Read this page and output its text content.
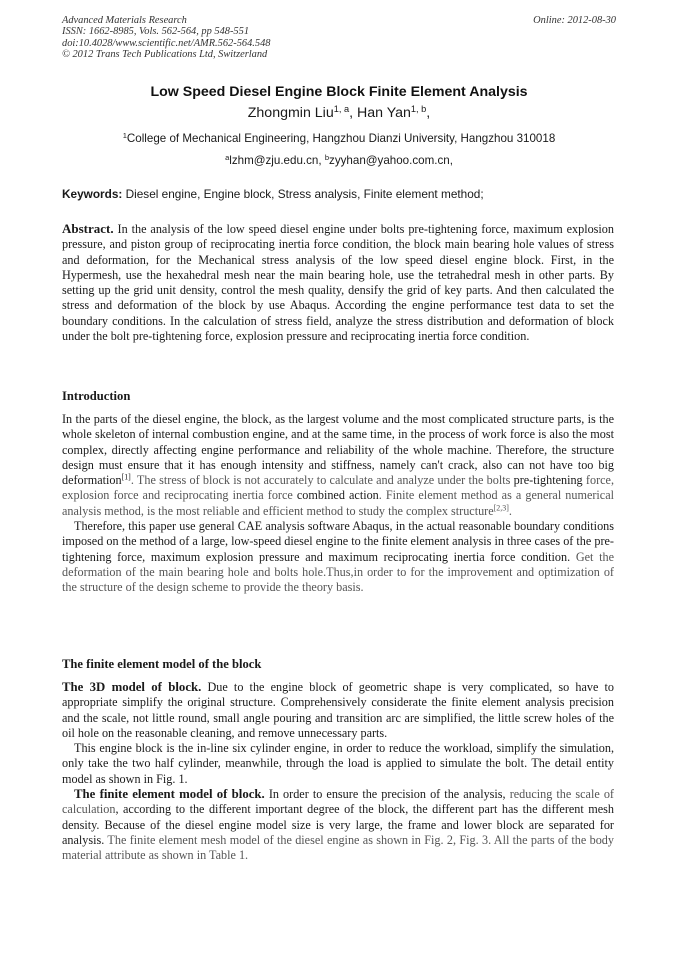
Advanced Materials Research
ISSN: 1662-8985, Vols. 562-564, pp 548-551
doi:10.4028/www.scientific.net/AMR.562-564.548
© 2012 Trans Tech Publications Ltd, Switzerland
Online: 2012-08-30
Low Speed Diesel Engine Block Finite Element Analysis
Zhongmin Liu$^{1, a}$, Han Yan$^{1, b}$,
$^1$College of Mechanical Engineering, Hangzhou Dianzi University, Hangzhou 310018
$^a$lzhm@zju.edu.cn, $^b$zyyhan@yahoo.com.cn,
Keywords: Diesel engine, Engine block, Stress analysis, Finite element method;

Abstract. In the analysis of the low speed diesel engine under bolts pre-tightening force, maximum explosion pressure, and piston group of reciprocating inertia force condition, the block main bearing hole values of stress and deformation, for the Mechanical stress analysis of the low speed diesel engine block. First, in the Hypermesh, use the hexahedral mesh near the main bearing hole, use the tetrahedral mesh in other parts. By setting up the grid unit density, control the mesh quality, densify the grid of key parts. And then calculated the stress and deformation of the block by use Abaqus. According the engine performance test data to set the boundary conditions. In the calculation of stress field, analyze the stress distribution and deformation of block under the bolt pre-tightening force, explosion pressure and reciprocating inertia force condition.

Introduction

In the parts of the diesel engine, the block, as the largest volume and the most complicated structure parts, is the whole skeleton of internal combustion engine, and at the same time, in the process of work force is also the most complex, directly affecting engine performance and reliability of the whole machine. Therefore, the structure design must ensure that it has enough intensity and stiffness, namely can't crack, also can not have too big deformation[1]. The stress of block is not accurately to calculate and analyze under the bolts pre-tightening force, explosion force and reciprocating inertia force combined action. Finite element method as a general numerical analysis method, is the most reliable and efficient method to study the complex structure[2,3].

Therefore, this paper use general CAE analysis software Abaqus, in the actual reasonable boundary conditions imposed on the method of a large, low-speed diesel engine to the finite element analysis in three cases of the pre-tightening force, maximum explosion pressure and maximum reciprocating inertia force condition. Get the deformation of the main bearing hole and bolts hole.Thus,in order to for the improvement and optimization of the structure of the design scheme to provide the theory basis.

The finite element model of the block

The 3D model of block. Due to the engine block of geometric shape is very complicated, so have to appropriate simplify the original structure. Comprehensively considerate the finite element analysis precision and the scale, not little round, small angle pouring and transition arc are simplified, the little screw holes of the oil hole on the reasonable cleaning, and remove unnecessary parts.

This engine block is the in-line six cylinder engine, in order to reduce the workload, simplify the simulation, only take the two half cylinder, meanwhile, through the load is applied to simulate the bolt. The detail entity model as shown in Fig. 1.

The finite element model of block. In order to ensure the precision of the analysis, reducing the scale of calculation, according to the different important degree of the block, the different part has the different mesh density. Because of the diesel engine model size is very large, the frame and lower block are separated for analysis. The finite element mesh model of the diesel engine as shown in Fig. 2, Fig. 3. All the parts of the body material attribute as shown in Table 1.
